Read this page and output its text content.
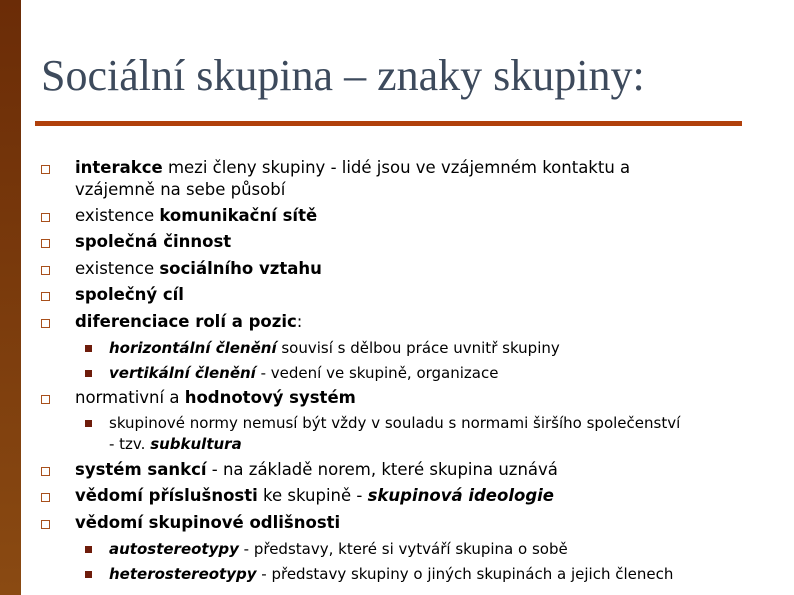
Sociální skupina – znaky skupiny:
interakce mezi členy skupiny - lidé jsou ve vzájemném kontaktu a
vzájemně na sebe působí
existence komunikační sítě
společná činnost
existence sociálního vztahu
společný cíl
diferenciace rolí a pozic:
horizontální členění souvisí s dělbou práce uvnitř skupiny
vertikální členění - vedení ve skupině, organizace
normativní a hodnotový systém
skupinové normy nemusí být vždy v souladu s normami širšího společenství
- tzv. subkultura
systém sankcí - na základě norem, které skupina uznává
vědomí příslušnosti ke skupině - skupinová ideologie
vědomí skupinové odlišnosti
autostereotypy - představy, které si vytváří skupina o sobě
heterostereotypy - představy skupiny o jiných skupinách a jejich členech
